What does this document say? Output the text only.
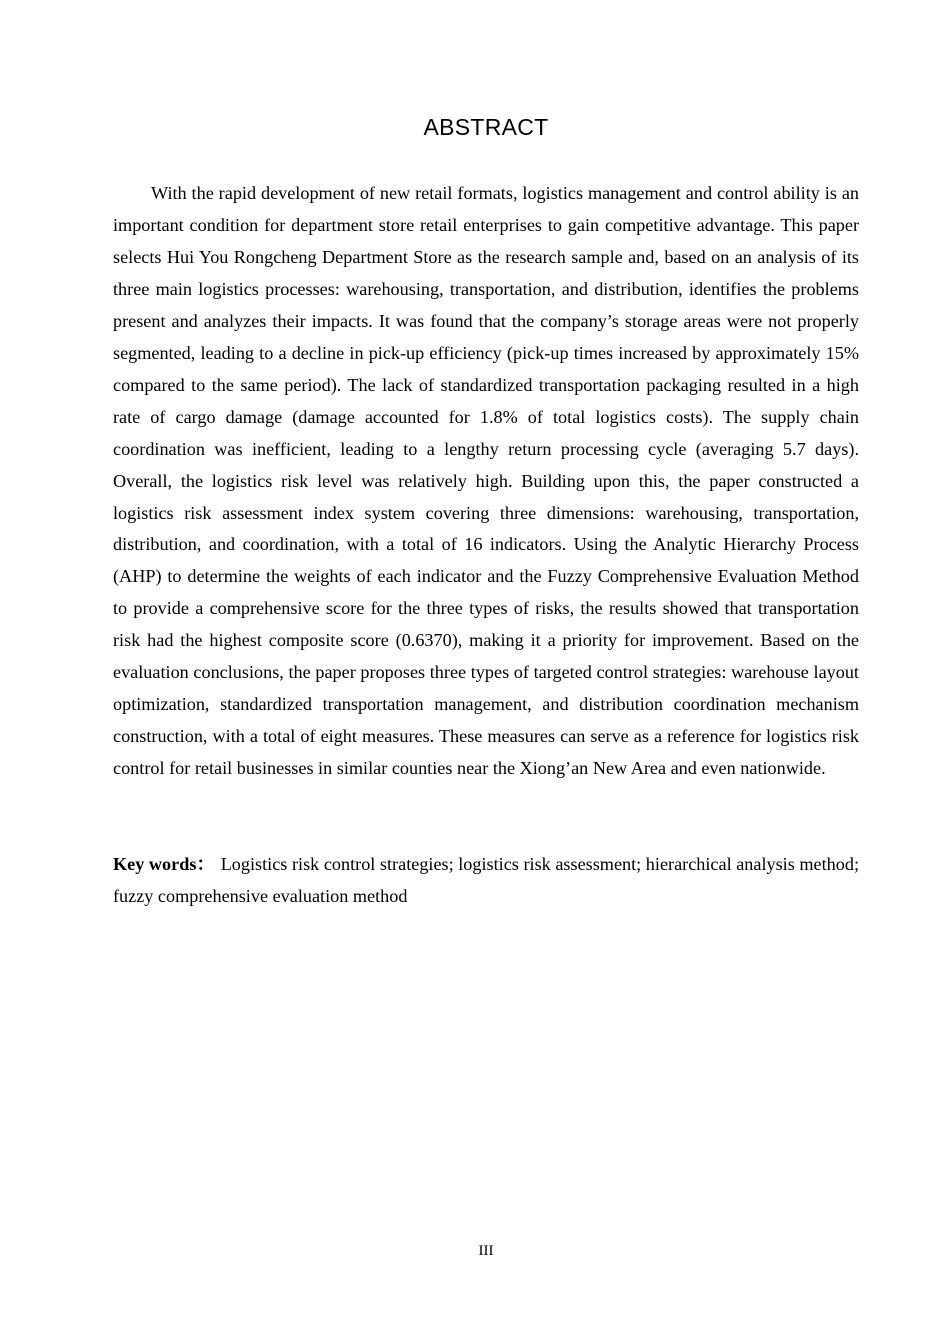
ABSTRACT

With the rapid development of new retail formats, logistics management and control ability is an important condition for department store retail enterprises to gain competitive advantage. This paper selects Hui You Rongcheng Department Store as the research sample and, based on an analysis of its three main logistics processes: warehousing, transportation, and distribution, identifies the problems present and analyzes their impacts. It was found that the company’s storage areas were not properly segmented, leading to a decline in pick-up efficiency (pick-up times increased by approximately 15% compared to the same period). The lack of standardized transportation packaging resulted in a high rate of cargo damage (damage accounted for 1.8% of total logistics costs). The supply chain coordination was inefficient, leading to a lengthy return processing cycle (averaging 5.7 days). Overall, the logistics risk level was relatively high. Building upon this, the paper constructed a logistics risk assessment index system covering three dimensions: warehousing, transportation, distribution, and coordination, with a total of 16 indicators. Using the Analytic Hierarchy Process (AHP) to determine the weights of each indicator and the Fuzzy Comprehensive Evaluation Method to provide a comprehensive score for the three types of risks, the results showed that transportation risk had the highest composite score (0.6370), making it a priority for improvement. Based on the evaluation conclusions, the paper proposes three types of targeted control strategies: warehouse layout optimization, standardized transportation management, and distribution coordination mechanism construction, with a total of eight measures. These measures can serve as a reference for logistics risk control for retail businesses in similar counties near the Xiong’an New Area and even nationwide.

Key words： Logistics risk control strategies; logistics risk assessment; hierarchical analysis method; fuzzy comprehensive evaluation method

III
